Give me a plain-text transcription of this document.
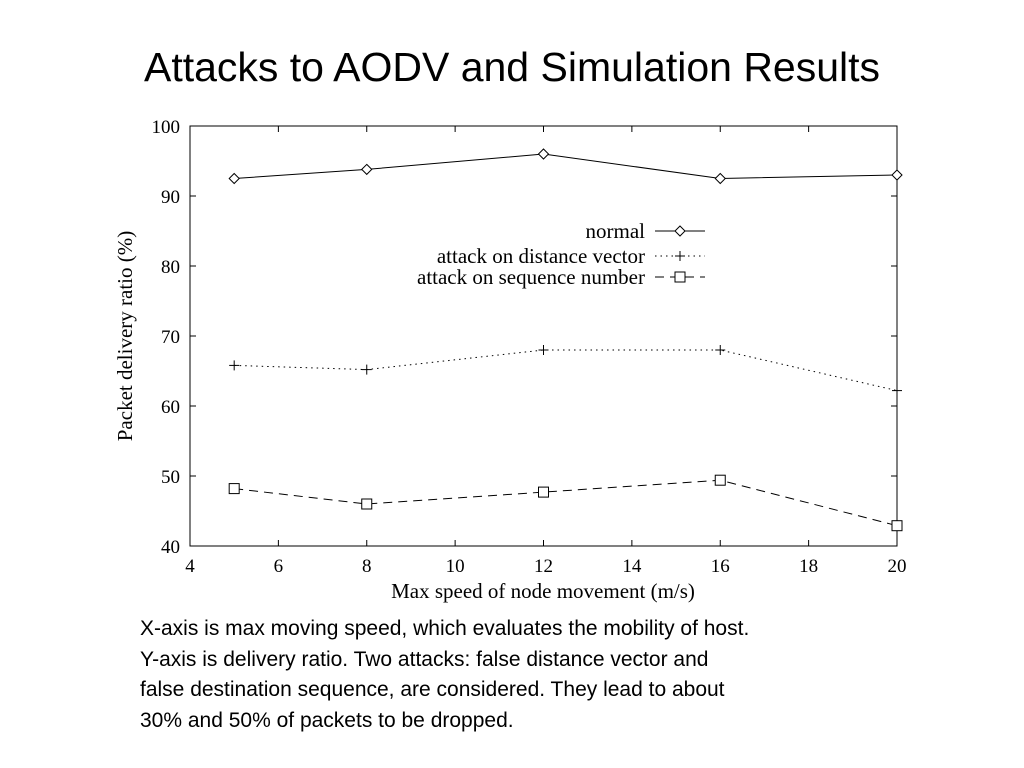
Attacks to AODV and Simulation Results
4	6	8	10	12	14	16	18	20
40
50
60
70
80
90
100
normal
attack on distance vector
attack on sequence number
Max speed of node movement (m/s)
Packet delivery ratio (%)
X-axis is max moving speed, which evaluates the mobility of host.
Y-axis is delivery ratio. Two attacks: false distance vector and
false destination sequence, are considered. They lead to about
30% and 50% of packets to be dropped.
